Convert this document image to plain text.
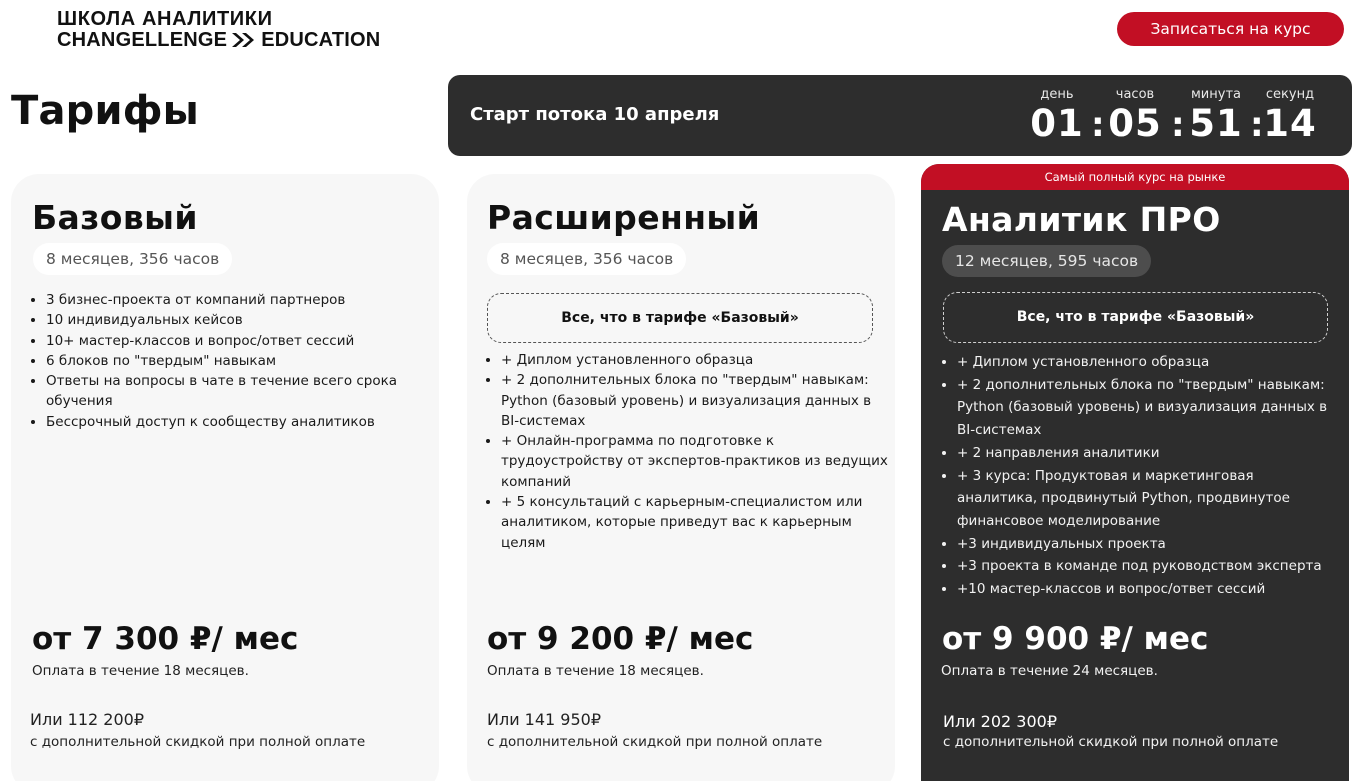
ШКОЛА АНАЛИТИКИ
CHANGELLENGE EDUCATION	Записаться на курс
Тарифы	Старт потока 10 апреля
день
01 :
часов
05 :
минута
51 :
секунд
14
Базовый
8 месяцев, 356 часов
• 3 бизнес-проекта от компаний партнеров
• 10 индивидуальных кейсов
• 10+ мастер-классов и вопрос/ответ сессий
• 6 блоков по "твердым" навыкам
• Ответы на вопросы в чате в течение всего срока обучения
• Бессрочный доступ к сообществу аналитиков
от 7 300 ₽/ мес
Оплата в течение 18 месяцев.
Или 112 200₽
с дополнительной скидкой при полной оплате
Расширенный
8 месяцев, 356 часов
Все, что в тарифе «Базовый»
• + Диплом установленного образца
• + 2 дополнительных блока по "твердым" навыкам: Python (базовый уровень) и визуализация данных в BI-системах
• + Онлайн-программа по подготовке к трудоустройству от экспертов-практиков из ведущих компаний
• + 5 консультаций с карьерным-специалистом или аналитиком, которые приведут вас к карьерным целям
от 9 200 ₽/ мес
Оплата в течение 18 месяцев.
Или 141 950₽
с дополнительной скидкой при полной оплате
Самый полный курс на рынке
Аналитик ПРО
12 месяцев, 595 часов
Все, что в тарифе «Базовый»
• + Диплом установленного образца
• + 2 дополнительных блока по "твердым" навыкам: Python (базовый уровень) и визуализация данных в BI-системах
• + 2 направления аналитики
• + 3 курса: Продуктовая и маркетинговая аналитика, продвинутый Python, продвинутое финансовое моделирование
• +3 индивидуальных проекта
• +3 проекта в команде под руководством эксперта
• +10 мастер-классов и вопрос/ответ сессий
от 9 900 ₽/ мес
Оплата в течение 24 месяцев.
Или 202 300₽
с дополнительной скидкой при полной оплате
